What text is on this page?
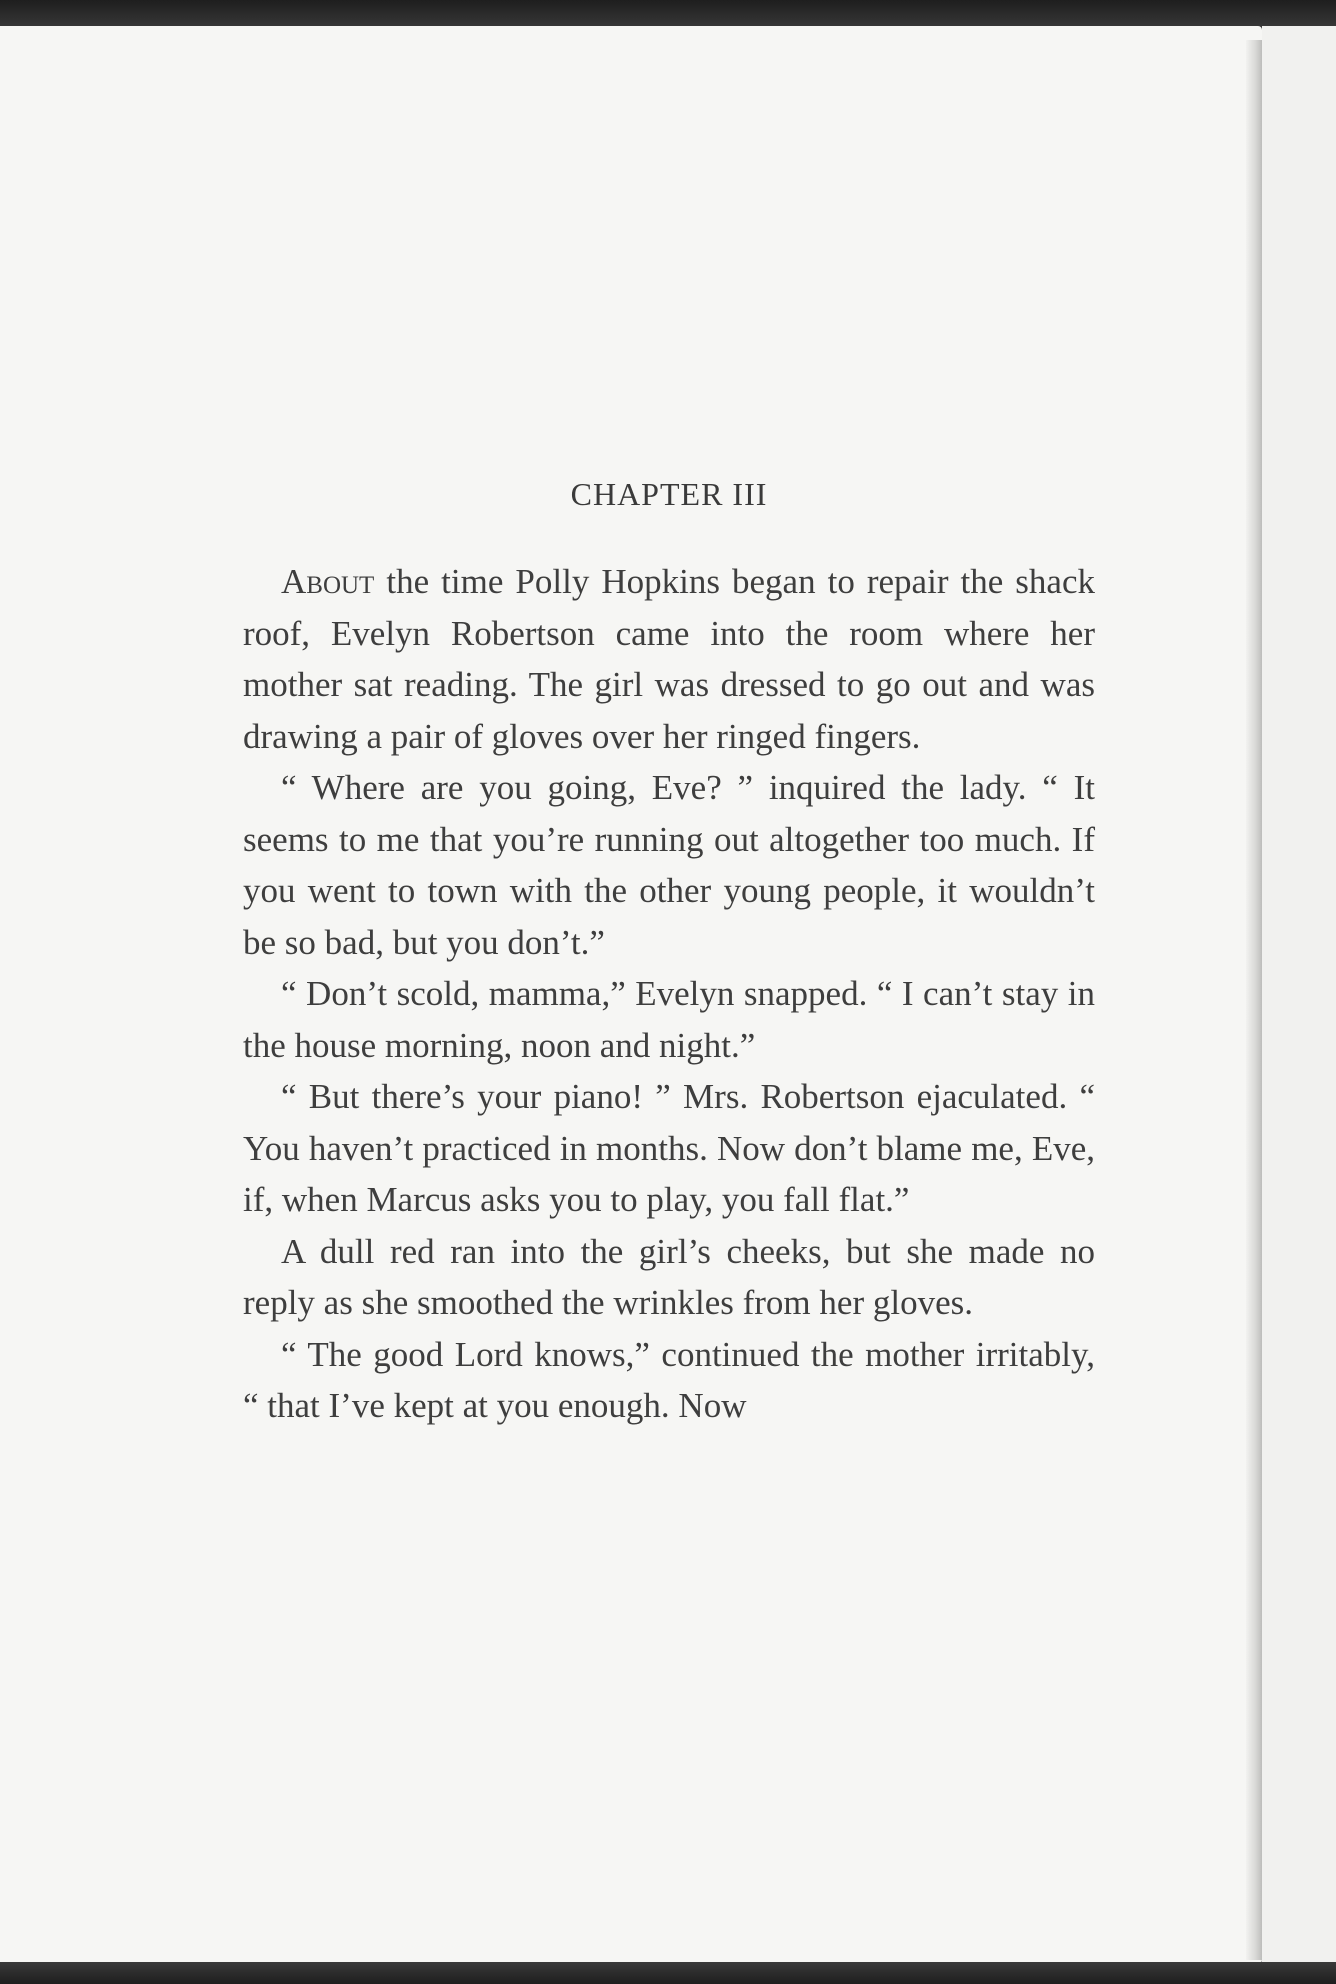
CHAPTER III

About the time Polly Hopkins began to repair the shack roof, Evelyn Robertson came into the room where her mother sat reading. The girl was dressed to go out and was drawing a pair of gloves over her ringed fingers.

“ Where are you going, Eve? ” inquired the lady. “ It seems to me that you’re running out altogether too much. If you went to town with the other young people, it wouldn’t be so bad, but you don’t.”

“ Don’t scold, mamma,” Evelyn snapped. “ I can’t stay in the house morning, noon and night.”

“ But there’s your piano! ” Mrs. Robertson ejaculated. “ You haven’t practiced in months. Now don’t blame me, Eve, if, when Marcus asks you to play, you fall flat.”

A dull red ran into the girl’s cheeks, but she made no reply as she smoothed the wrinkles from her gloves.

“ The good Lord knows,” continued the mother irritably, “ that I’ve kept at you enough. Now
